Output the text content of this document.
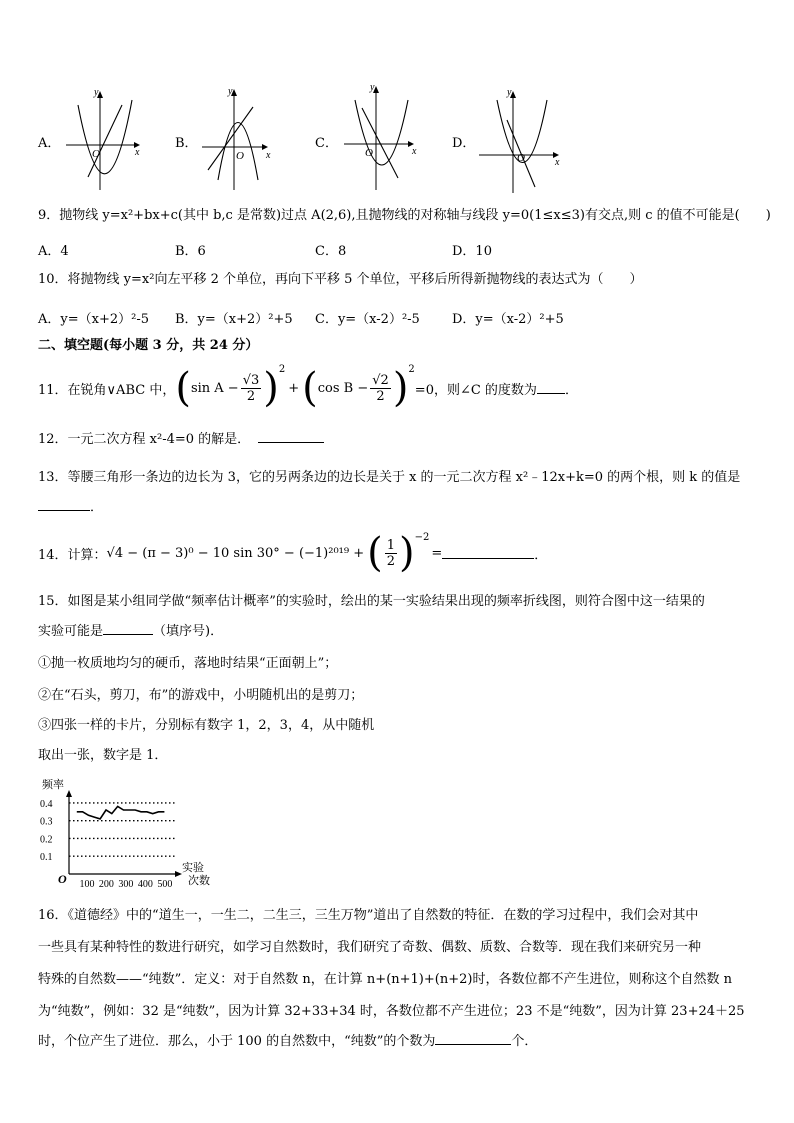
A．
y
x
O
B．
y
x
O
C．
y
x
O
D．
y
x
O
9．抛物线 y=x²+bx+c(其中 b,c 是常数)过点 A(2,6),且抛物线的对称轴与线段 y=0(1≤x≤3)有交点,则 c 的值不可能是(　　)
A．4	B．6	C．8	D．10
10．将抛物线 y=x²向左平移 2 个单位，再向下平移 5 个单位，平移后所得新抛物线的表达式为（　　）
A．y=（x+2）²-5 B．y=（x+2）²+5 C．y=（x-2）²-5 D．y=（x-2）²+5
二、填空题(每小题 3 分，共 24 分）
11．在锐角∨ABC 中， ( $\sin A - \frac{√3}{2} )^2$
+ ( $\cos B - \frac{√2}{2} )^2$
=0，则∠C 的度数为 ．
12．一元二次方程 x²-4=0 的解是．
13．等腰三角形一条边的边长为 3，它的另两条边的边长是关于 x 的一元二次方程 x²﹣12x+k=0 的两个根，则 k 的值是
．
14．计算： √4 − (π − 3)⁰ − 10 sin 30° − (−1)²⁰¹⁹ + ( $\frac{1}{2} )^{-2}$
=	．
15．如图是某小组同学做“频率估计概率”的实验时，绘出的某一实验结果出现的频率折线图，则符合图中这一结果的
实验可能是	（填序号)．
①抛一枚质地均匀的硬币，落地时结果“正面朝上”；
②在“石头，剪刀，布”的游戏中，小明随机出的是剪刀；
③四张一样的卡片，分别标有数字 1，2，3，4，从中随机
取出一张，数字是 1．
频率
实验
次数
O
0.1
0.2
0.3
0.4
100 200 300 400 500
16．《道德经》中的“道生一，一生二，二生三，三生万物”道出了自然数的特征．在数的学习过程中，我们会对其中
一些具有某种特性的数进行研究，如学习自然数时，我们研究了奇数、偶数、质数、合数等．现在我们来研究另一种
特殊的自然数——“纯数”．定义：对于自然数 n，在计算 n+(n+1)+(n+2)时，各数位都不产生进位，则称这个自然数 n
为“纯数”，例如：32 是“纯数”，因为计算 32+33+34 时，各数位都不产生进位；23 不是“纯数”，因为计算 23+24＋25
时，个位产生了进位．那么，小于 100 的自然数中，“纯数”的个数为	个．
